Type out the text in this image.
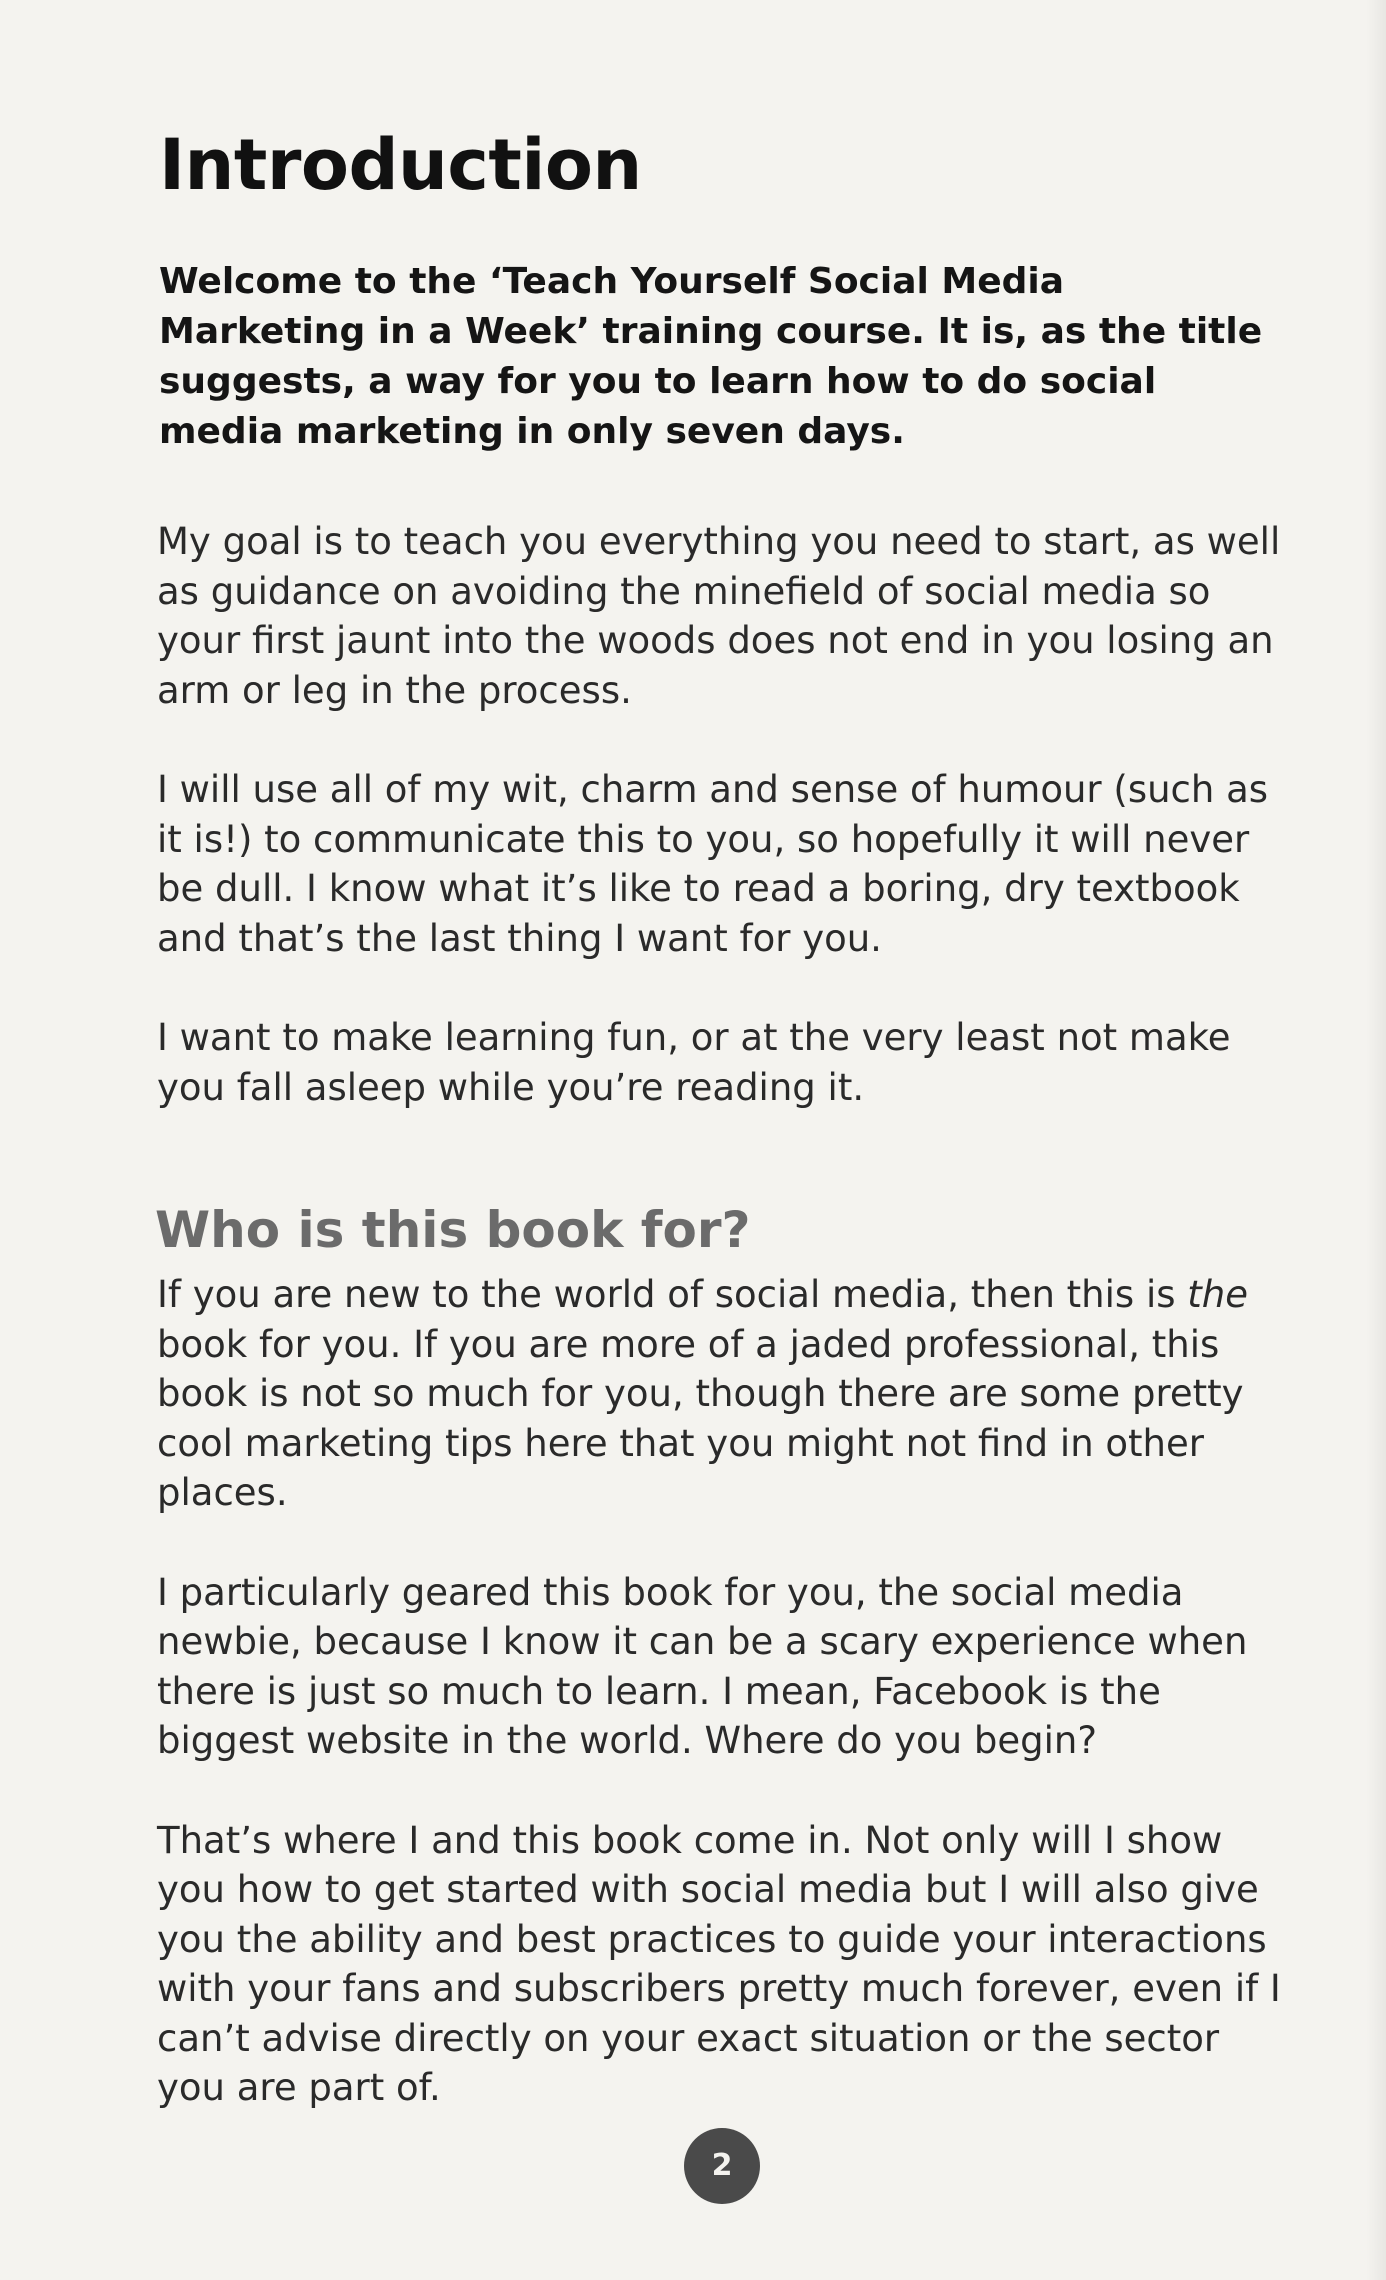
Introduction

Welcome to the ‘Teach Yourself Social Media Marketing in a Week’ training course. It is, as the title suggests, a way for you to learn how to do social media marketing in only seven days.

My goal is to teach you everything you need to start, as well as guidance on avoiding the minefield of social media so your first jaunt into the woods does not end in you losing an arm or leg in the process.

I will use all of my wit, charm and sense of humour (such as it is!) to communicate this to you, so hopefully it will never be dull. I know what it’s like to read a boring, dry textbook and that’s the last thing I want for you.

I want to make learning fun, or at the very least not make you fall asleep while you’re reading it.

Who is this book for?

If you are new to the world of social media, then this is the book for you. If you are more of a jaded professional, this book is not so much for you, though there are some pretty cool marketing tips here that you might not find in other places.

I particularly geared this book for you, the social media newbie, because I know it can be a scary experience when there is just so much to learn. I mean, Facebook is the biggest website in the world. Where do you begin?

That’s where I and this book come in. Not only will I show you how to get started with social media but I will also give you the ability and best practices to guide your interactions with your fans and subscribers pretty much forever, even if I can’t advise directly on your exact situation or the sector you are part of.

2
